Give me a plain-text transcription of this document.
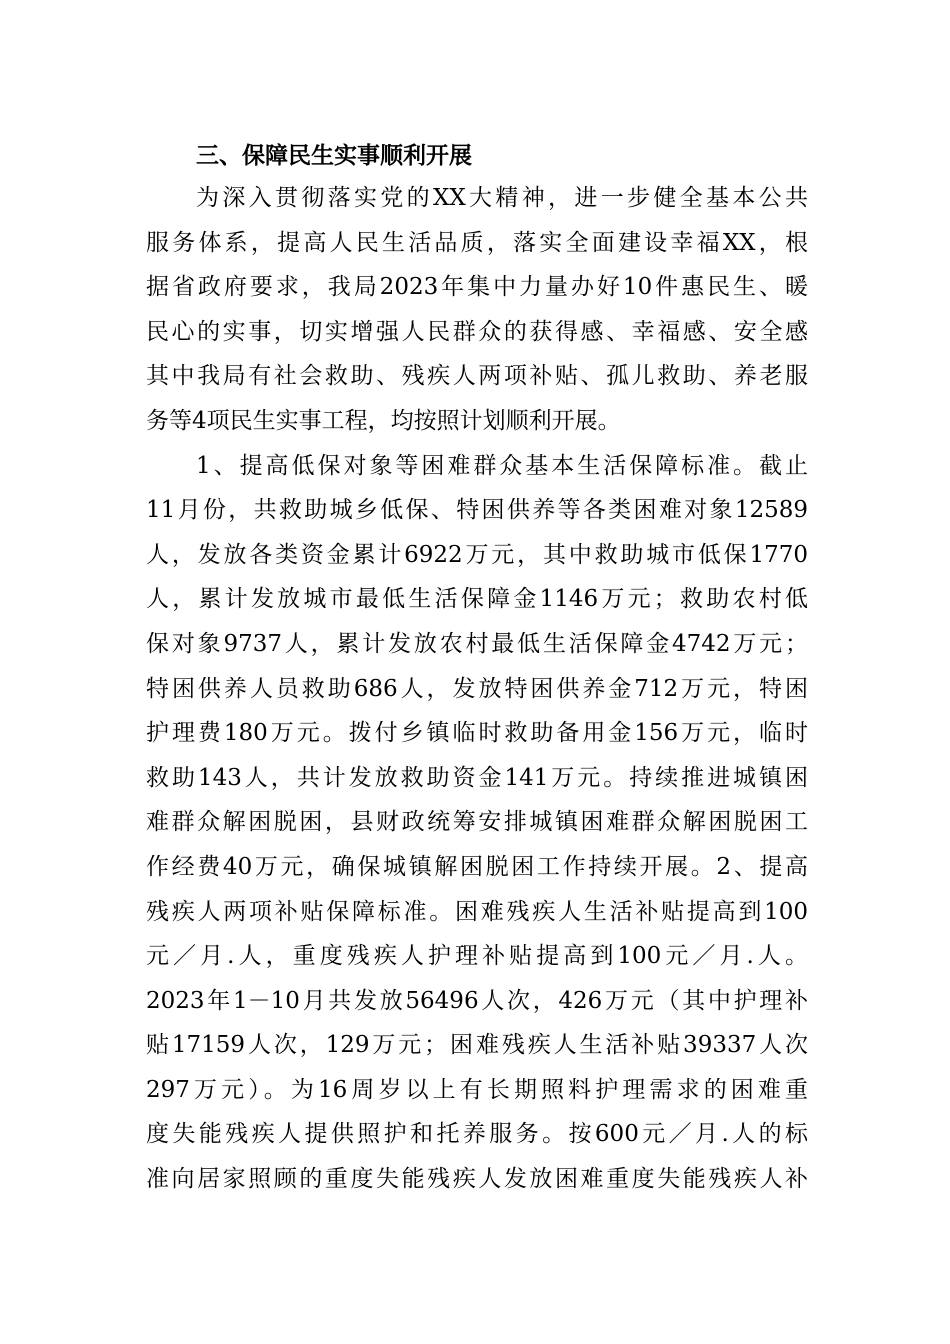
三、保障民生实事顺利开展
为深入贯彻落实党的XX大精神，进一步健全基本公共
服务体系，提高人民生活品质，落实全面建设幸福XX，根
据省政府要求，我局2023年集中力量办好10件惠民生、暖
民心的实事，切实增强人民群众的获得感、幸福感、安全感
其中我局有社会救助、残疾人两项补贴、孤儿救助、养老服
务等4项民生实事工程，均按照计划顺利开展。
1、提高低保对象等困难群众基本生活保障标准。截止
11月份，共救助城乡低保、特困供养等各类困难对象12589
人，发放各类资金累计6922万元，其中救助城市低保1770
人，累计发放城市最低生活保障金1146万元；救助农村低
保对象9737人，累计发放农村最低生活保障金4742万元；
特困供养人员救助686人，发放特困供养金712万元，特困
护理费180万元。拨付乡镇临时救助备用金156万元，临时
救助143人，共计发放救助资金141万元。持续推进城镇困
难群众解困脱困，县财政统筹安排城镇困难群众解困脱困工
作经费40万元，确保城镇解困脱困工作持续开展。2、提高
残疾人两项补贴保障标准。困难残疾人生活补贴提高到100
元／月.人，重度残疾人护理补贴提高到100元／月.人。
2023年1－10月共发放56496人次，426万元（其中护理补
贴17159人次，129万元；困难残疾人生活补贴39337人次
297万元）。为16周岁以上有长期照料护理需求的困难重
度失能残疾人提供照护和托养服务。按600元／月.人的标
准向居家照顾的重度失能残疾人发放困难重度失能残疾人补
